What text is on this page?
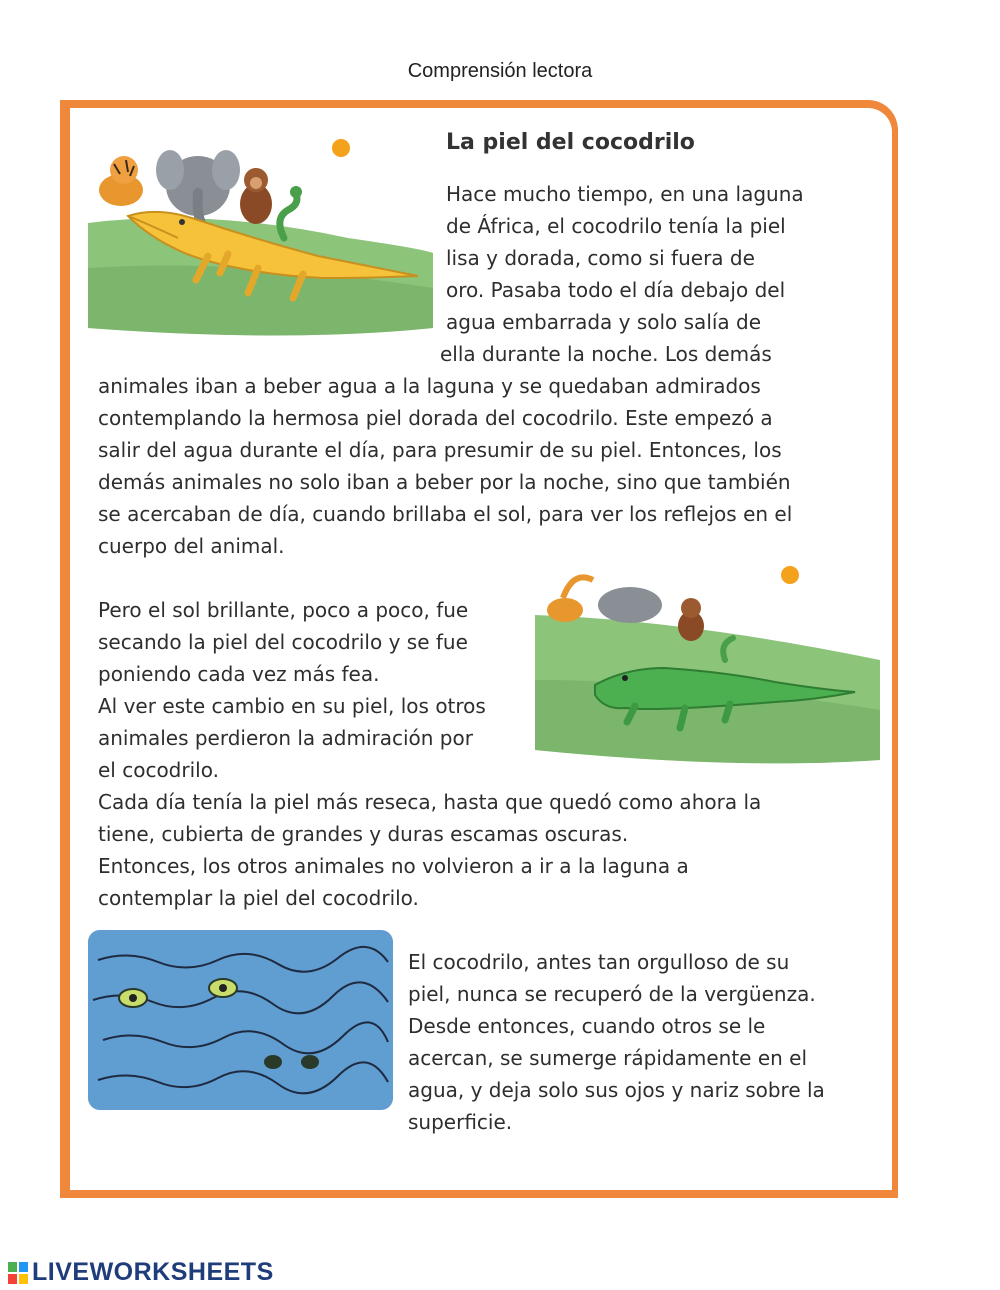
Comprensión lectora
La piel del cocodrilo
Hace mucho tiempo, en una laguna
de África, el cocodrilo tenía la piel
lisa y dorada, como si fuera de
oro. Pasaba todo el día debajo del
agua embarrada y solo salía de
ella durante la noche. Los demás
animales iban a beber agua a la laguna y se quedaban admirados
contemplando la hermosa piel dorada del cocodrilo. Este empezó a
salir del agua durante el día, para presumir de su piel. Entonces, los
demás animales no solo iban a beber por la noche, sino que también
se acercaban de día, cuando brillaba el sol, para ver los reflejos en el
cuerpo del animal.
Pero el sol brillante, poco a poco, fue
secando la piel del cocodrilo y se fue
poniendo cada vez más fea.
Al ver este cambio en su piel, los otros
animales perdieron la admiración por
el cocodrilo.
Cada día tenía la piel más reseca, hasta que quedó como ahora la
tiene, cubierta de grandes y duras escamas oscuras.
Entonces, los otros animales no volvieron a ir a la laguna a
contemplar la piel del cocodrilo.
El cocodrilo, antes tan orgulloso de su
piel, nunca se recuperó de la vergüenza.
Desde entonces, cuando otros se le
acercan, se sumerge rápidamente en el
agua, y deja solo sus ojos y nariz sobre la
superficie.
LIVEWORKSHEETS
